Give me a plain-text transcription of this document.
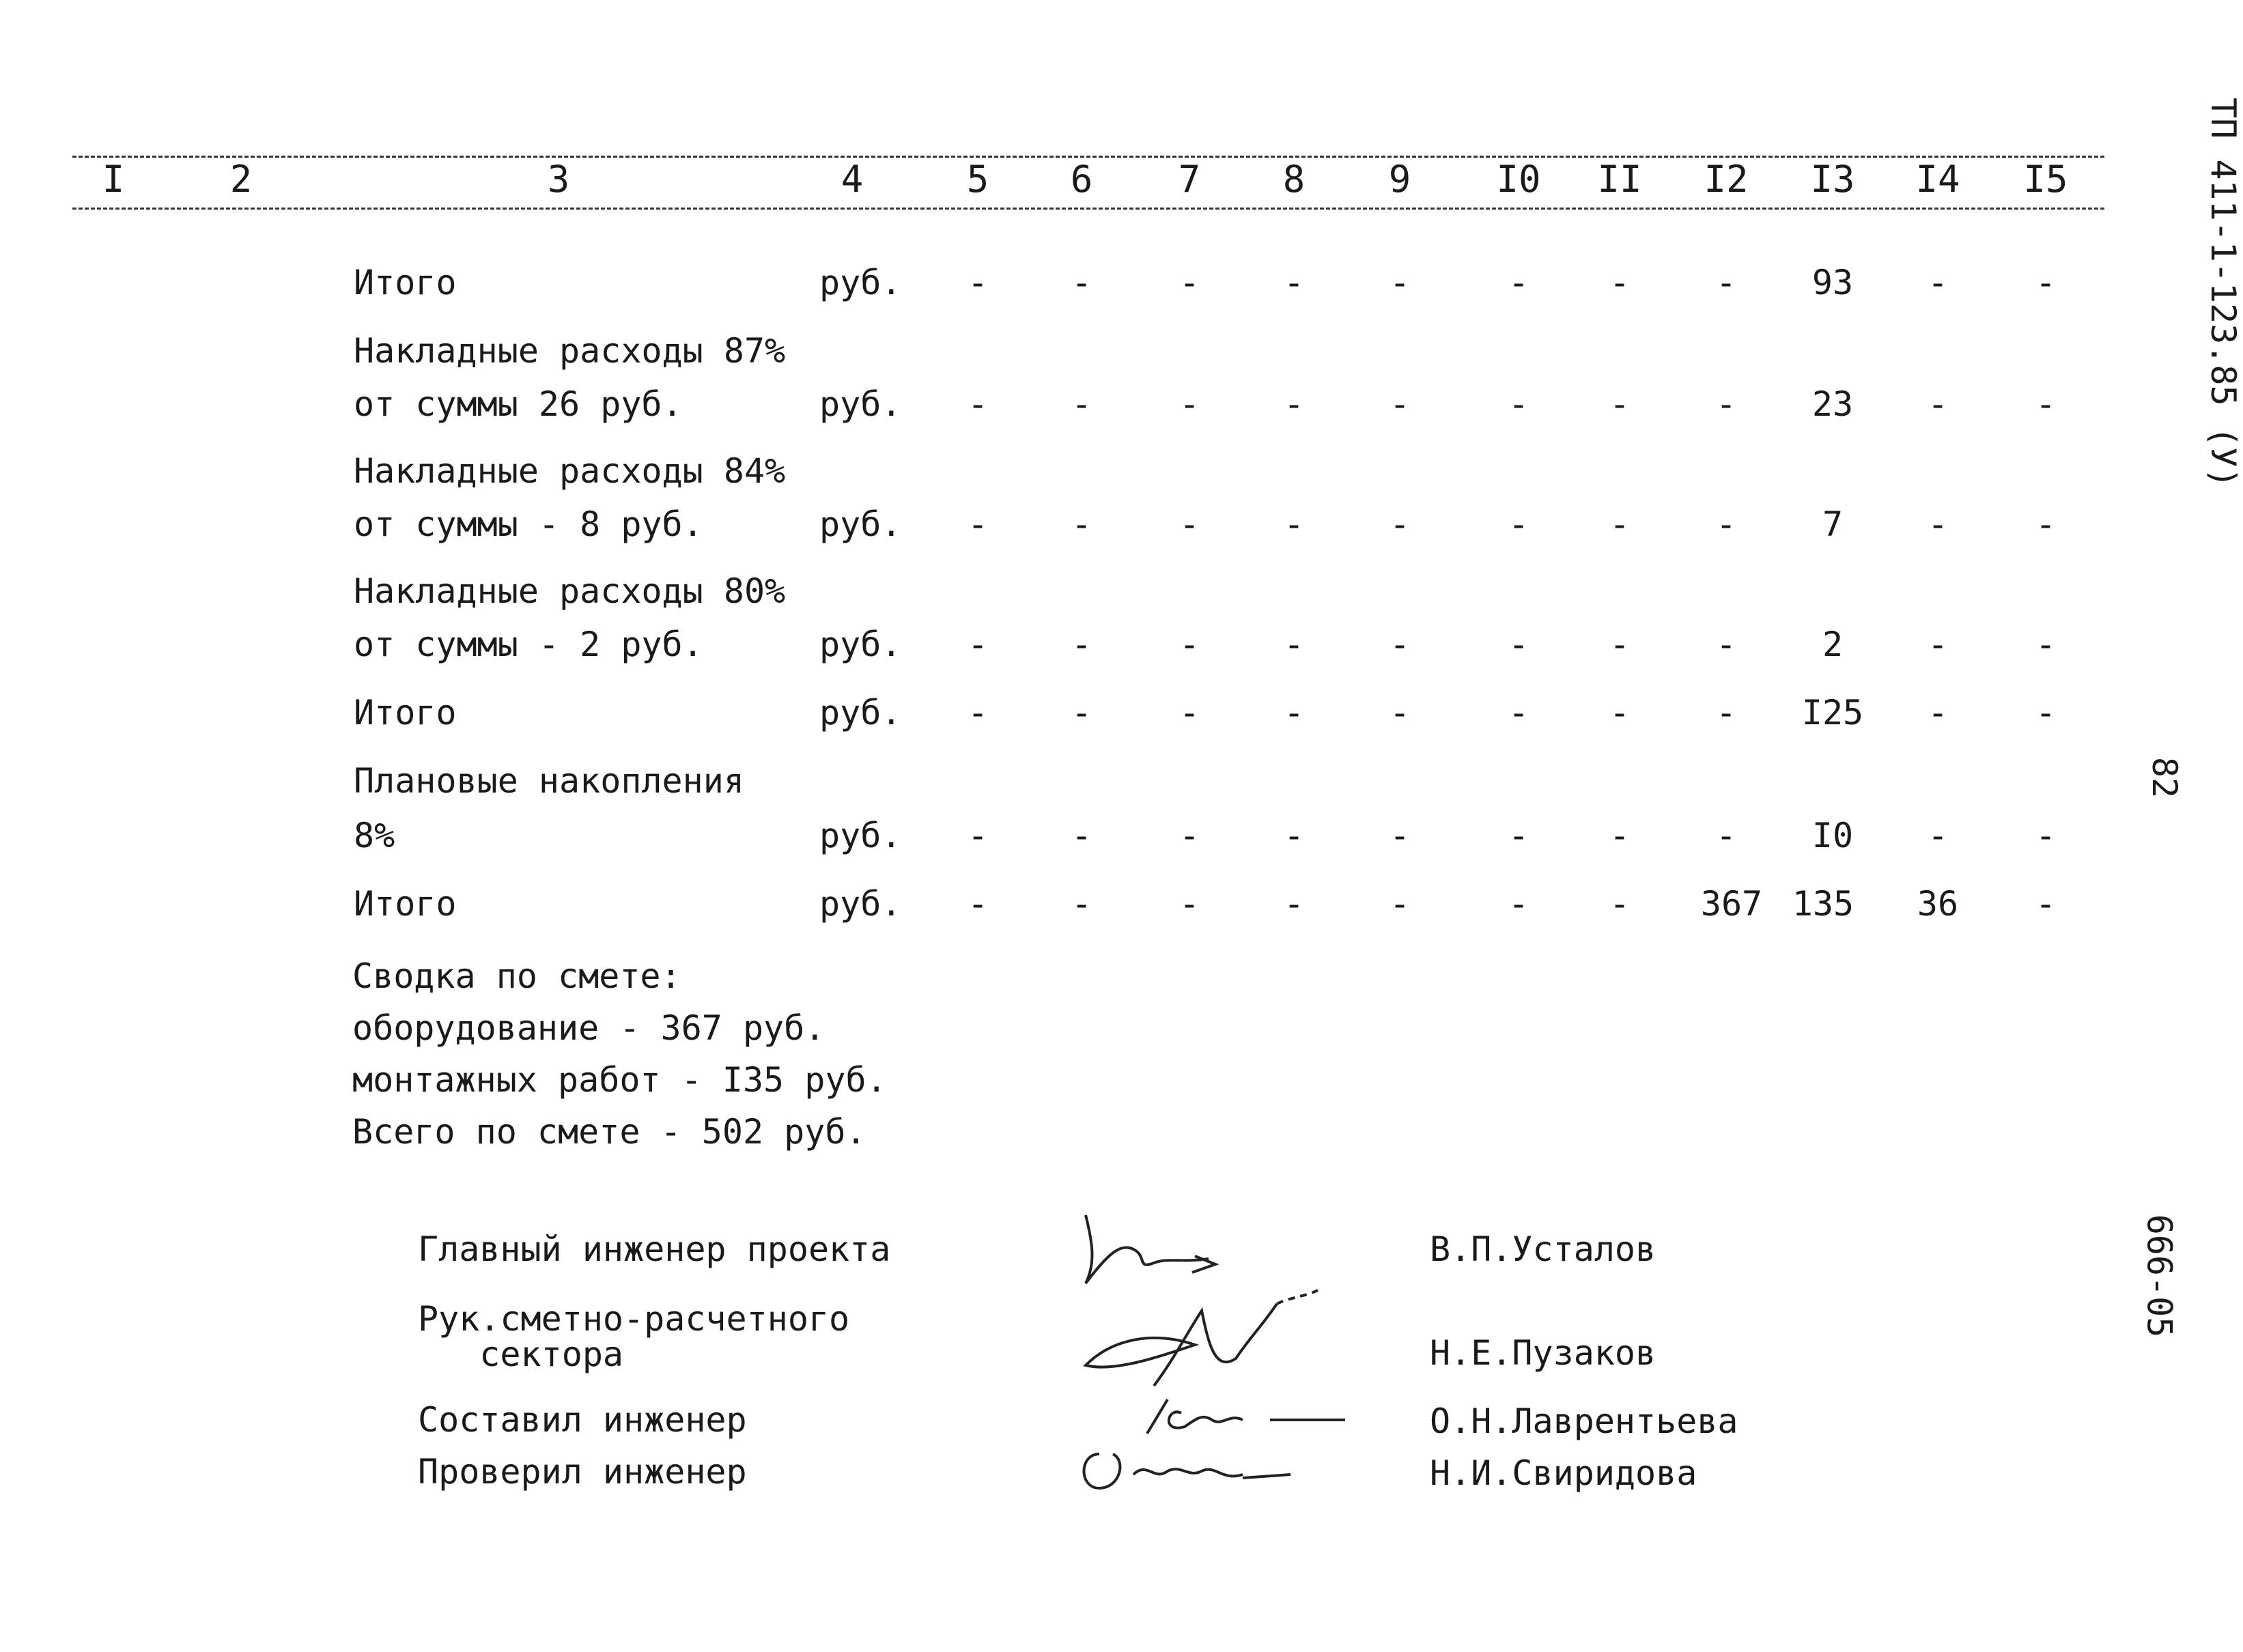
I	2	3	4	5 6 7 8 9 I0 II I2 I3 I4 I5
Итого	руб. - -	- - -	- -	- 93 -	-
Накладные расходы 87%
от суммы 26 руб.	руб. - -	- - -	- -	- 23 -	-
Накладные расходы 84%
от суммы - 8 руб.	руб. - -	- - -	- -	-	7 -	-
Накладные расходы 80%
от суммы - 2 руб.	руб. - -	- - -	- -	-	2 -	-
Итого	руб. - -	- - -	- -	- I25 -	-
Плановые накопления
8%	руб. - -	- - -	- -	- I0 -	-
Итого	руб. - -	- - -	- - 367 135 36 -
Сводка по смете:
оборудование - 367 руб.
монтажных работ - I35 руб.
Всего по смете - 502 руб.
Главный инженер проекта	В.П.Усталов
Рук.сметно-расчетного
сектора	Н.Е.Пузаков
Составил инженер	О.Н.Лаврентьева
Проверил инженер	Н.И.Свиридова
ТП 411-1-123.85 (У)
82
666-05
